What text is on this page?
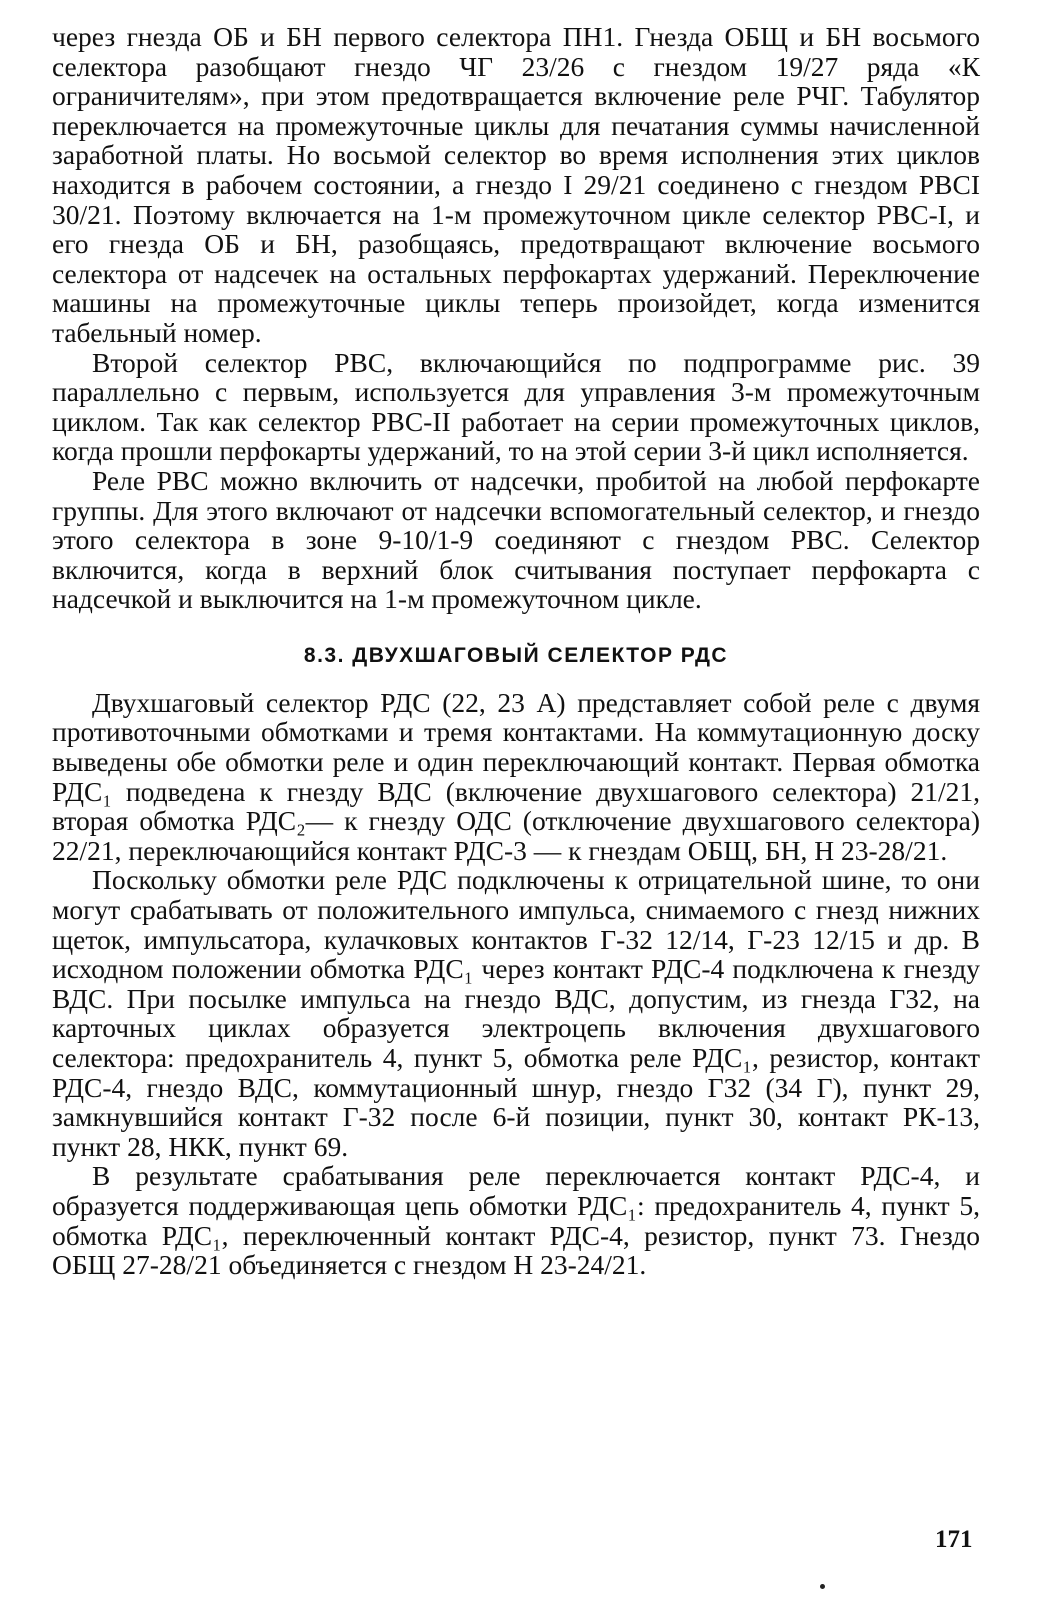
через гнезда ОБ и БН первого селектора ПН1. Гнезда ОБЩ и БН восьмого селектора разобщают гнездо ЧГ 23/26 с гнездом 19/27 ряда «К ограничителям», при этом предотвращается включение реле РЧГ. Табулятор переключается на промежуточные циклы для печатания суммы начисленной заработной платы. Но восьмой селектор во время исполнения этих циклов находится в рабочем состоянии, а гнездо I 29/21 соединено с гнездом РВСI 30/21. Поэтому включается на 1-м промежуточном цикле селектор РВС-I, и его гнезда ОБ и БН, разобщаясь, предотвращают включение восьмого селектора от надсечек на остальных перфокартах удержаний. Переключение машины на промежуточные циклы теперь произойдет, когда изменится табельный номер.

Второй селектор РВС, включающийся по подпрограмме рис. 39 параллельно с первым, используется для управления 3-м промежуточным циклом. Так как селектор РВС-II работает на серии промежуточных циклов, когда прошли перфокарты удержаний, то на этой серии 3-й цикл исполняется.

Реле РВС можно включить от надсечки, пробитой на любой перфокарте группы. Для этого включают от надсечки вспомогательный селектор, и гнездо этого селектора в зоне 9-10/1-9 соединяют с гнездом РВС. Селектор включится, когда в верхний блок считывания поступает перфокарта с надсечкой и выключится на 1-м промежуточном цикле.

8.3. ДВУХШАГОВЫЙ СЕЛЕКТОР РДС

Двухшаговый селектор РДС (22, 23 А) представляет собой реле с двумя противоточными обмотками и тремя контактами. На коммутационную доску выведены обе обмотки реле и один переключающий контакт. Первая обмотка РДС₁ подведена к гнезду ВДС (включение двухшагового селектора) 21/21, вторая обмотка РДС₂— к гнезду ОДС (отключение двухшагового селектора) 22/21, переключающийся контакт РДС-3 — к гнездам ОБЩ, БН, Н 23-28/21.

Поскольку обмотки реле РДС подключены к отрицательной шине, то они могут срабатывать от положительного импульса, снимаемого с гнезд нижних щеток, импульсатора, кулачковых контактов Г-32 12/14, Г-23 12/15 и др. В исходном положении обмотка РДС₁ через контакт РДС-4 подключена к гнезду ВДС. При посылке импульса на гнездо ВДС, допустим, из гнезда Г32, на карточных циклах образуется электроцепь включения двухшагового селектора: предохранитель 4, пункт 5, обмотка реле РДС₁, резистор, контакт РДС-4, гнездо ВДС, коммутационный шнур, гнездо Г32 (34 Г), пункт 29, замкнувшийся контакт Г-32 после 6-й позиции, пункт 30, контакт РК-13, пункт 28, НКК, пункт 69.

В результате срабатывания реле переключается контакт РДС-4, и образуется поддерживающая цепь обмотки РДС₁: предохранитель 4, пункт 5, обмотка РДС₁, переключенный контакт РДС-4, резистор, пункт 73. Гнездо ОБЩ 27-28/21 объединяется с гнездом Н 23-24/21.

171
